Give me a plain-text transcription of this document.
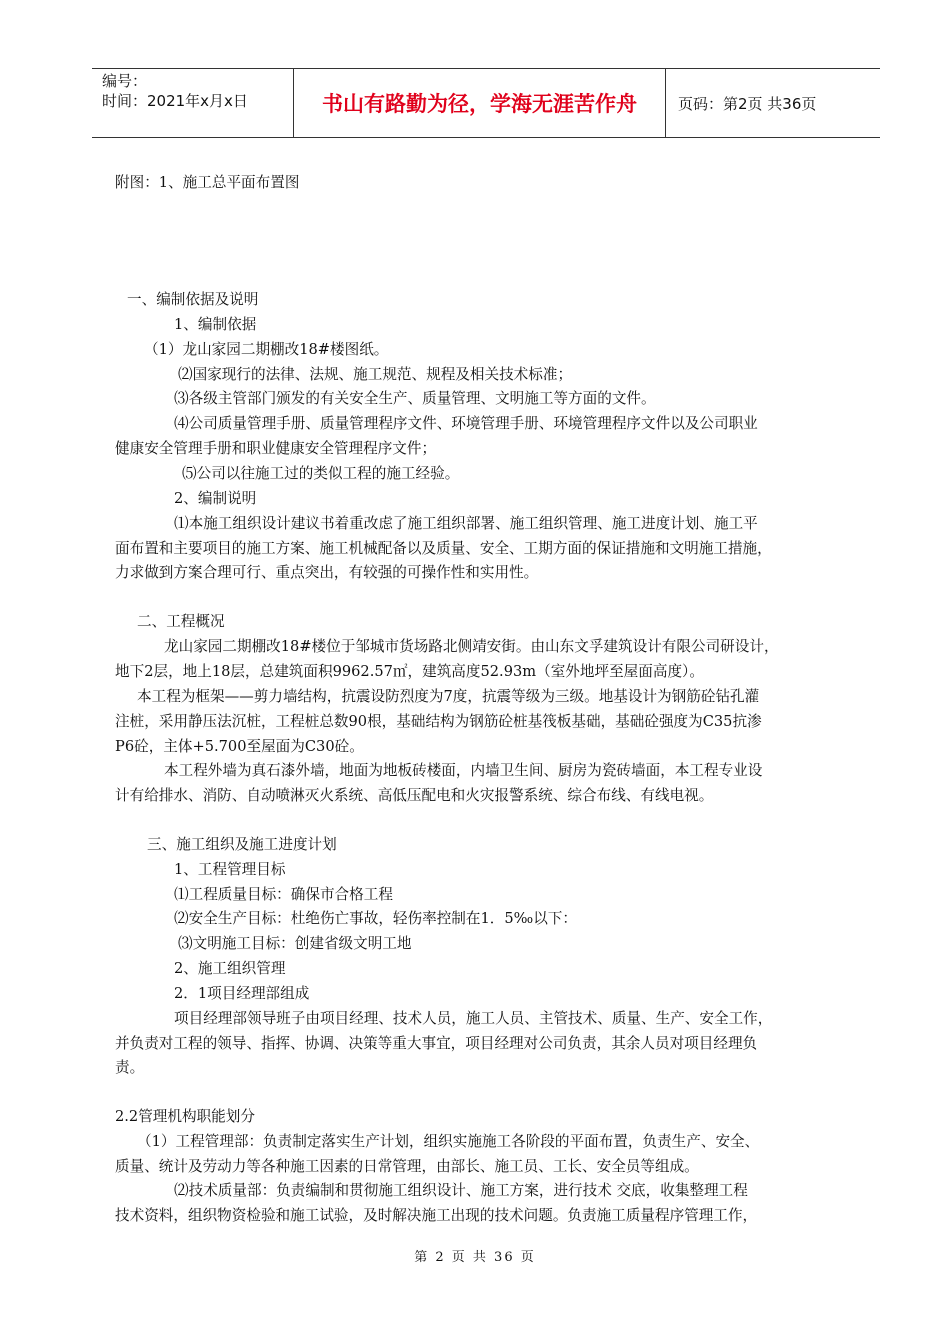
编号：
时间：2021年x月x日	书山有路勤为径，学海无涯苦作舟	页码：第2页 共36页
附图：1、施工总平面布置图
一、编制依据及说明
1、编制依据
（1）龙山家园二期棚改18#楼图纸。
⑵国家现行的法律、法规、施工规范、规程及相关技术标准；
⑶各级主管部门颁发的有关安全生产、质量管理、文明施工等方面的文件。
⑷公司质量管理手册、质量管理程序文件、环境管理手册、环境管理程序文件以及公司职业
健康安全管理手册和职业健康安全管理程序文件；
⑸公司以往施工过的类似工程的施工经验。
2、编制说明
⑴本施工组织设计建议书着重改虑了施工组织部署、施工组织管理、施工进度计划、施工平
面布置和主要项目的施工方案、施工机械配备以及质量、安全、工期方面的保证措施和文明施工措施，
力求做到方案合理可行、重点突出，有较强的可操作性和实用性。
二、工程概况
龙山家园二期棚改18#楼位于邹城市货场路北侧靖安街。由山东文孚建筑设计有限公司研设计，
地下2层，地上18层，总建筑面积9962.57㎡，建筑高度52.93m（室外地坪至屋面高度）。
本工程为框架——剪力墙结构，抗震设防烈度为7度，抗震等级为三级。地基设计为钢筋砼钻孔灌
注桩，采用静压法沉桩，工程桩总数90根，基础结构为钢筋砼桩基筏板基础，基础砼强度为C35抗渗
P6砼，主体+5.700至屋面为C30砼。
本工程外墙为真石漆外墙，地面为地板砖楼面，内墙卫生间、厨房为瓷砖墙面，本工程专业设
计有给排水、消防、自动喷淋灭火系统、高低压配电和火灾报警系统、综合布线、有线电视。
三、施工组织及施工进度计划
1、工程管理目标
⑴工程质量目标：确保市合格工程
⑵安全生产目标：杜绝伤亡事故，轻伤率控制在1．5‰以下：
⑶文明施工目标：创建省级文明工地
2、施工组织管理
2．1项目经理部组成
项目经理部领导班子由项目经理、技术人员，施工人员、主管技术、质量、生产、安全工作，
并负责对工程的领导、指挥、协调、决策等重大事宜，项目经理对公司负责，其余人员对项目经理负
责。
2.2管理机构职能划分
（1）工程管理部：负责制定落实生产计划，组织实施施工各阶段的平面布置，负责生产、安全、
质量、统计及劳动力等各种施工因素的日常管理，由部长、施工员、工长、安全员等组成。
⑵技术质量部：负责编制和贯彻施工组织设计、施工方案，进行技术 交底，收集整理工程
技术资料，组织物资检验和施工试验，及时解决施工出现的技术问题。负责施工质量程序管理工作，
第 2 页 共 36 页
